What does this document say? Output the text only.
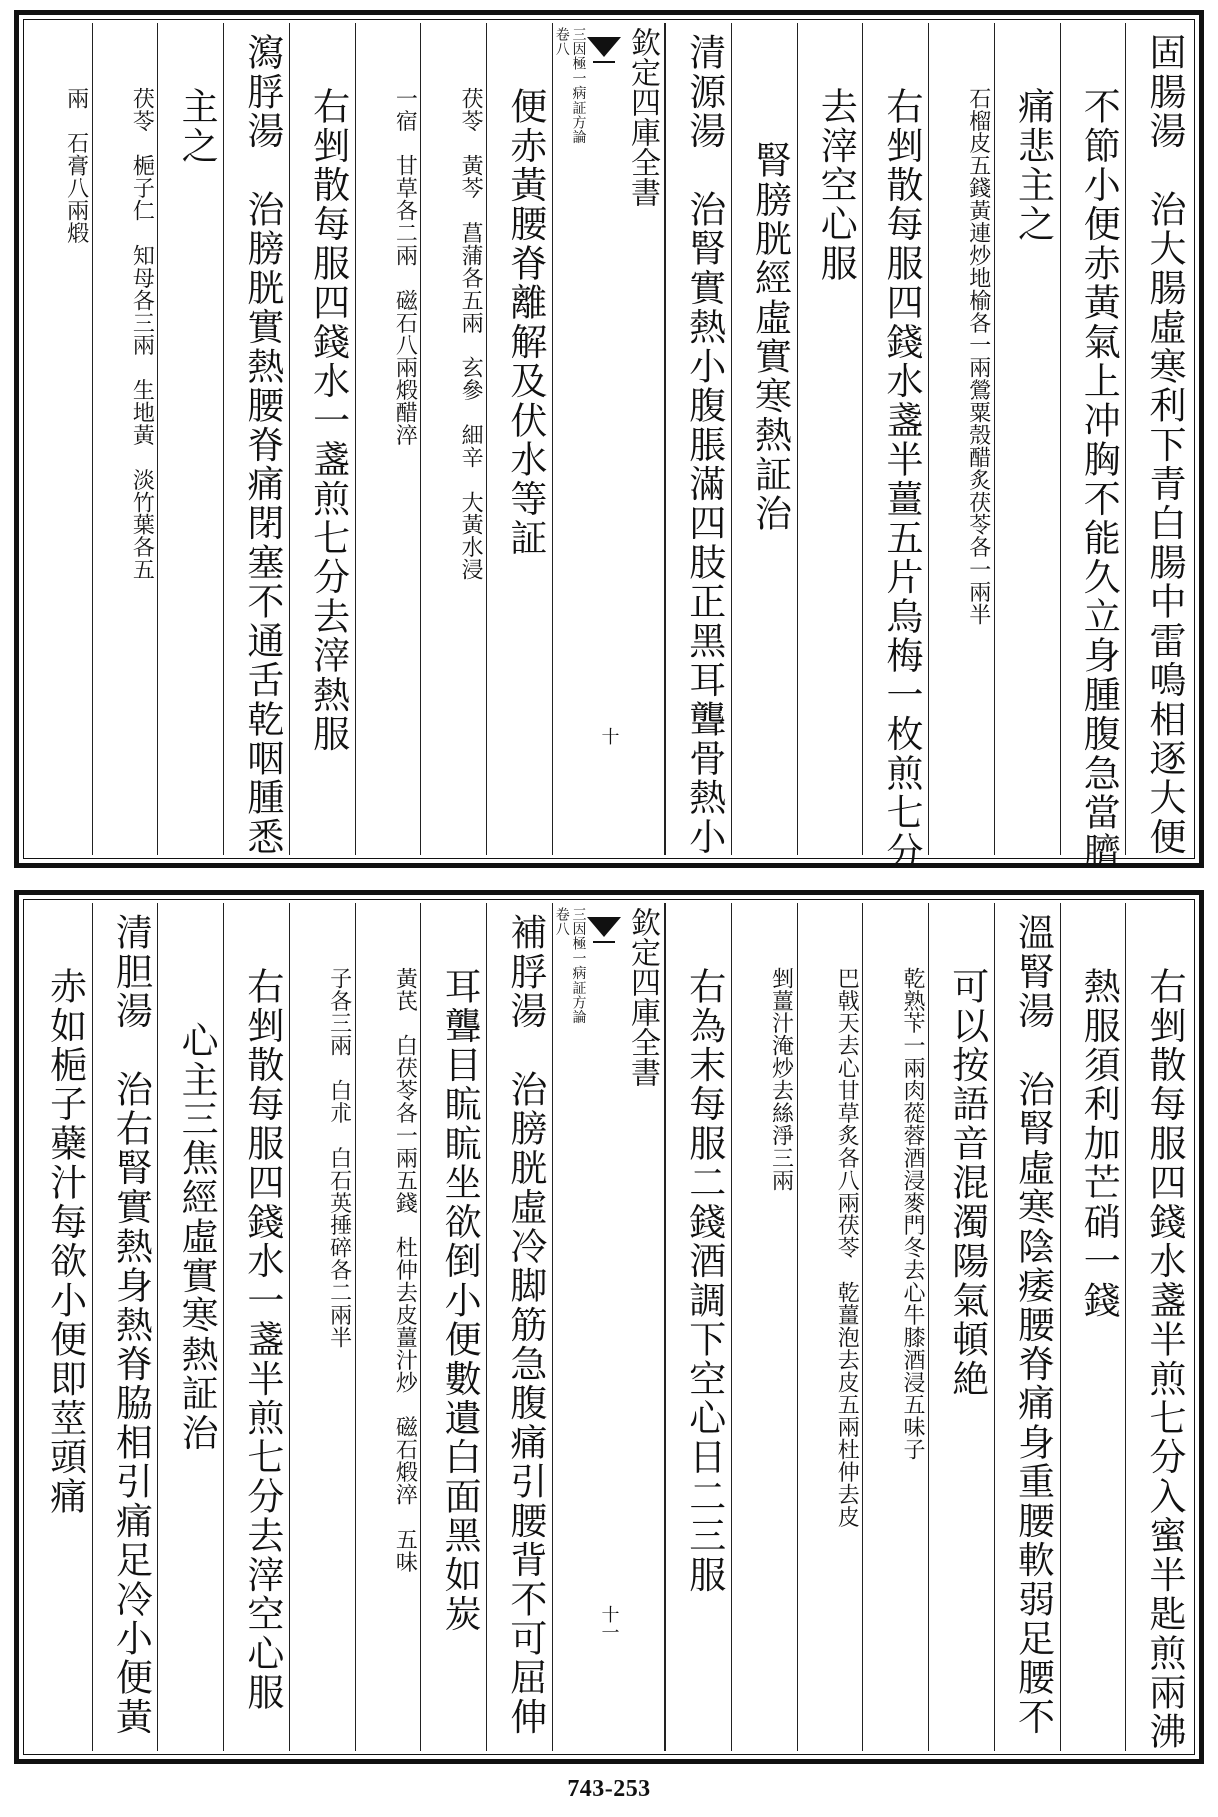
固腸湯　治大腸虛寒利下青白腸中雷鳴相逐大便
不節小便赤黃氣上冲胸不能久立身腫腹急當臍
痛悲主之
石榴皮五錢黃連炒地榆各一兩鶯粟殼醋炙茯苓各一兩半
右剉散每服四錢水盞半薑五片烏梅一枚煎七分
去滓空心服
腎膀胱經虛實寒熱証治
清源湯　治腎實熱小腹脹滿四肢正黑耳聾骨熱小
欽定四庫全書
三因極一病証方論
卷八
十
便赤黃腰脊離解及伏水等証
茯苓　黃芩　菖蒲各五兩　玄參　細辛　大黃水浸
一宿　甘草各二兩　磁石八兩煅醋淬
右剉散每服四錢水一盞煎七分去滓熱服
瀉脬湯　治膀胱實熱腰脊痛閉塞不通舌乾咽腫悉
主之
茯苓　梔子仁　知母各三兩　生地黃　淡竹葉各五
兩　石膏八兩煅
右剉散每服四錢水盞半煎七分入蜜半匙煎兩沸
熱服須利加芒硝一錢
溫腎湯　治腎虛寒陰痿腰脊痛身重腰軟弱足腰不
可以按語音混濁陽氣頓絶
乾熟苄一兩肉蓯蓉酒浸麥門冬去心牛膝酒浸五味子
巴戟天去心甘草炙各八兩茯苓　乾薑泡去皮五兩杜仲去皮
剉薑汁淹炒去絲淨三兩
右為末每服二錢酒調下空心日二三服
欽定四庫全書
三因極一病証方論
卷八
十一
補脬湯　治膀胱虛冷脚筋急腹痛引腰背不可屈伸
耳聾目䀮䀮坐欲倒小便數遺白面黑如炭
黃芪　白茯苓各一兩五錢　杜仲去皮薑汁炒　磁石煅淬　五味
子各三兩　白朮　白石英捶碎各二兩半
右剉散每服四錢水一盞半煎七分去滓空心服
心主三焦經虛實寒熱証治
清胆湯　治右腎實熱身熱脊脇相引痛足冷小便黃
赤如梔子蘗汁每欲小便即莖頭痛
743-253
